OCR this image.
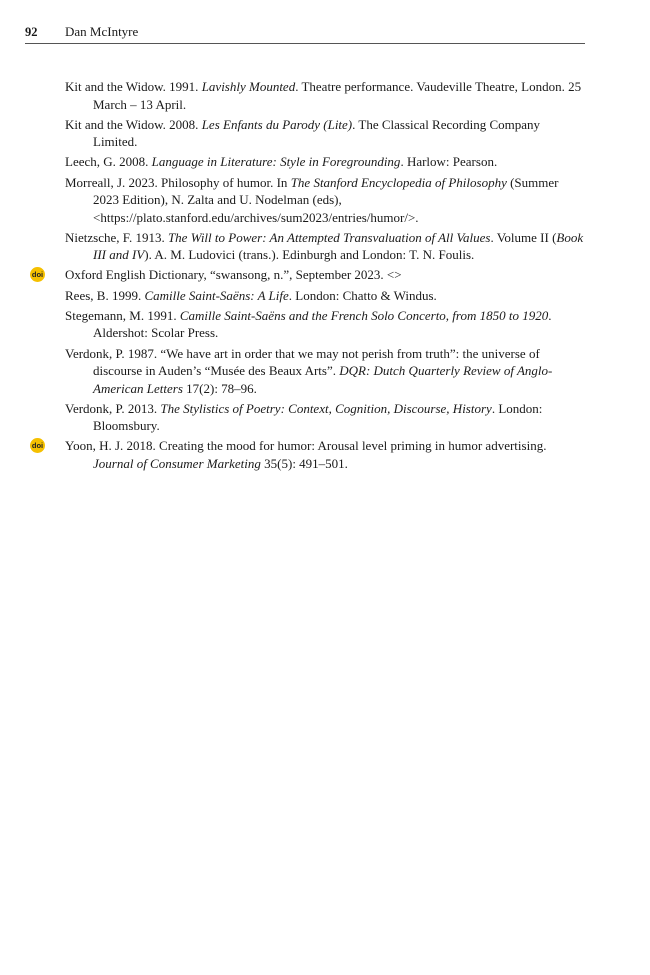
92 Dan McIntyre
Kit and the Widow. 1991. Lavishly Mounted. Theatre performance. Vaudeville Theatre, London. 25 March – 13 April.
Kit and the Widow. 2008. Les Enfants du Parody (Lite). The Classical Recording Company Limited.
Leech, G. 2008. Language in Literature: Style in Foregrounding. Harlow: Pearson.
Morreall, J. 2023. Philosophy of humor. In The Stanford Encyclopedia of Philosophy (Summer 2023 Edition), N. Zalta and U. Nodelman (eds), <https://plato.stanford.edu/archives/sum2023/entries/humor/>.
Nietzsche, F. 1913. The Will to Power: An Attempted Transvaluation of All Values. Volume II (Book III and IV). A. M. Ludovici (trans.). Edinburgh and London: T. N. Foulis.
doi Oxford English Dictionary, “swansong, n.”, September 2023. <>
Rees, B. 1999. Camille Saint-Saëns: A Life. London: Chatto & Windus.
Stegemann, M. 1991. Camille Saint-Saëns and the French Solo Concerto, from 1850 to 1920. Aldershot: Scolar Press.
Verdonk, P. 1987. “We have art in order that we may not perish from truth”: the universe of discourse in Auden’s “Musée des Beaux Arts”. DQR: Dutch Quarterly Review of Anglo-American Letters 17(2): 78–96.
Verdonk, P. 2013. The Stylistics of Poetry: Context, Cognition, Discourse, History. London: Bloomsbury.
doi Yoon, H. J. 2018. Creating the mood for humor: Arousal level priming in humor advertising. Journal of Consumer Marketing 35(5): 491–501.
